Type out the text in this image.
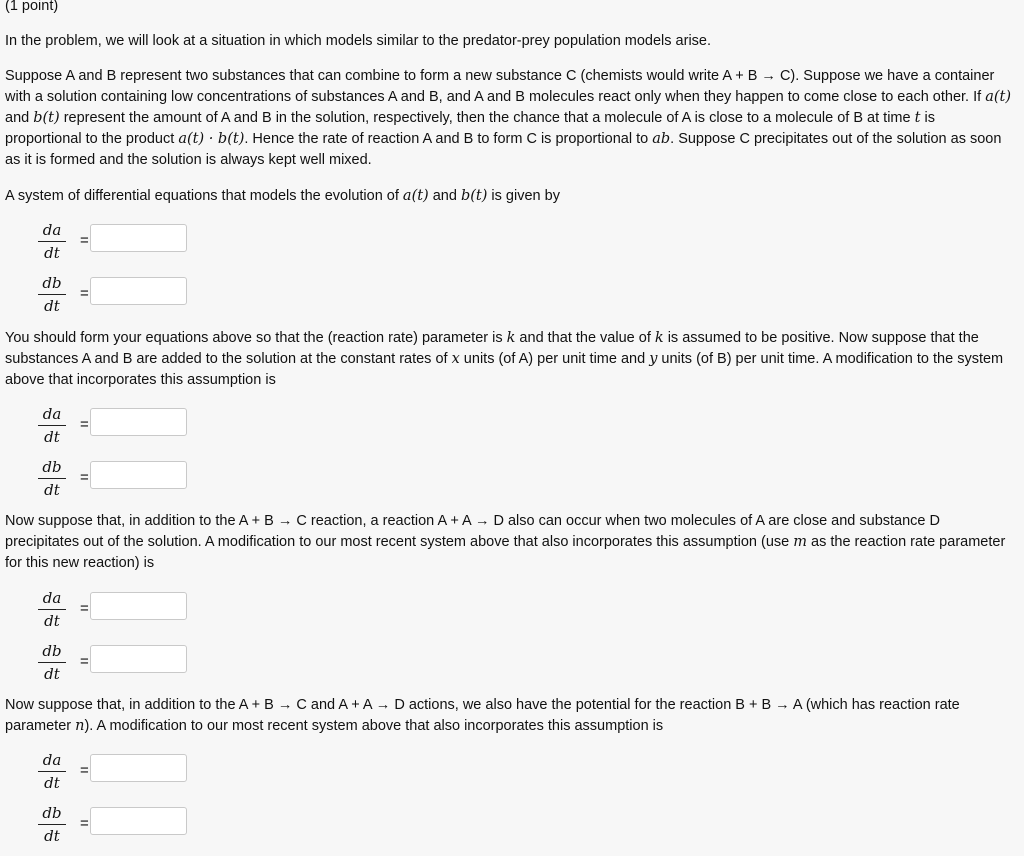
(1 point)

In the problem, we will look at a situation in which models similar to the predator-prey population models arise.

Suppose A and B represent two substances that can combine to form a new substance C (chemists would write A + B → C). Suppose we have a container with a solution containing low concentrations of substances A and B, and A and B molecules react only when they happen to come close to each other. If a(t) and b(t) represent the amount of A and B in the solution, respectively, then the chance that a molecule of A is close to a molecule of B at time t is proportional to the product a(t) · b(t). Hence the rate of reaction A and B to form C is proportional to ab. Suppose C precipitates out of the solution as soon as it is formed and the solution is always kept well mixed.

A system of differential equations that models the evolution of a(t) and b(t) is given by

da
dt
=
db
dt
=

You should form your equations above so that the (reaction rate) parameter is k and that the value of k is assumed to be positive. Now suppose that the substances A and B are added to the solution at the constant rates of x units (of A) per unit time and y units (of B) per unit time. A modification to the system above that incorporates this assumption is

da
dt
=
db
dt
=

Now suppose that, in addition to the A + B → C reaction, a reaction A + A → D also can occur when two molecules of A are close and substance D precipitates out of the solution. A modification to our most recent system above that also incorporates this assumption (use m as the reaction rate parameter for this new reaction) is

da
dt
=
db
dt
=

Now suppose that, in addition to the A + B → C and A + A → D actions, we also have the potential for the reaction B + B → A (which has reaction rate parameter n). A modification to our most recent system above that also incorporates this assumption is

da
dt
=
db
dt
=
